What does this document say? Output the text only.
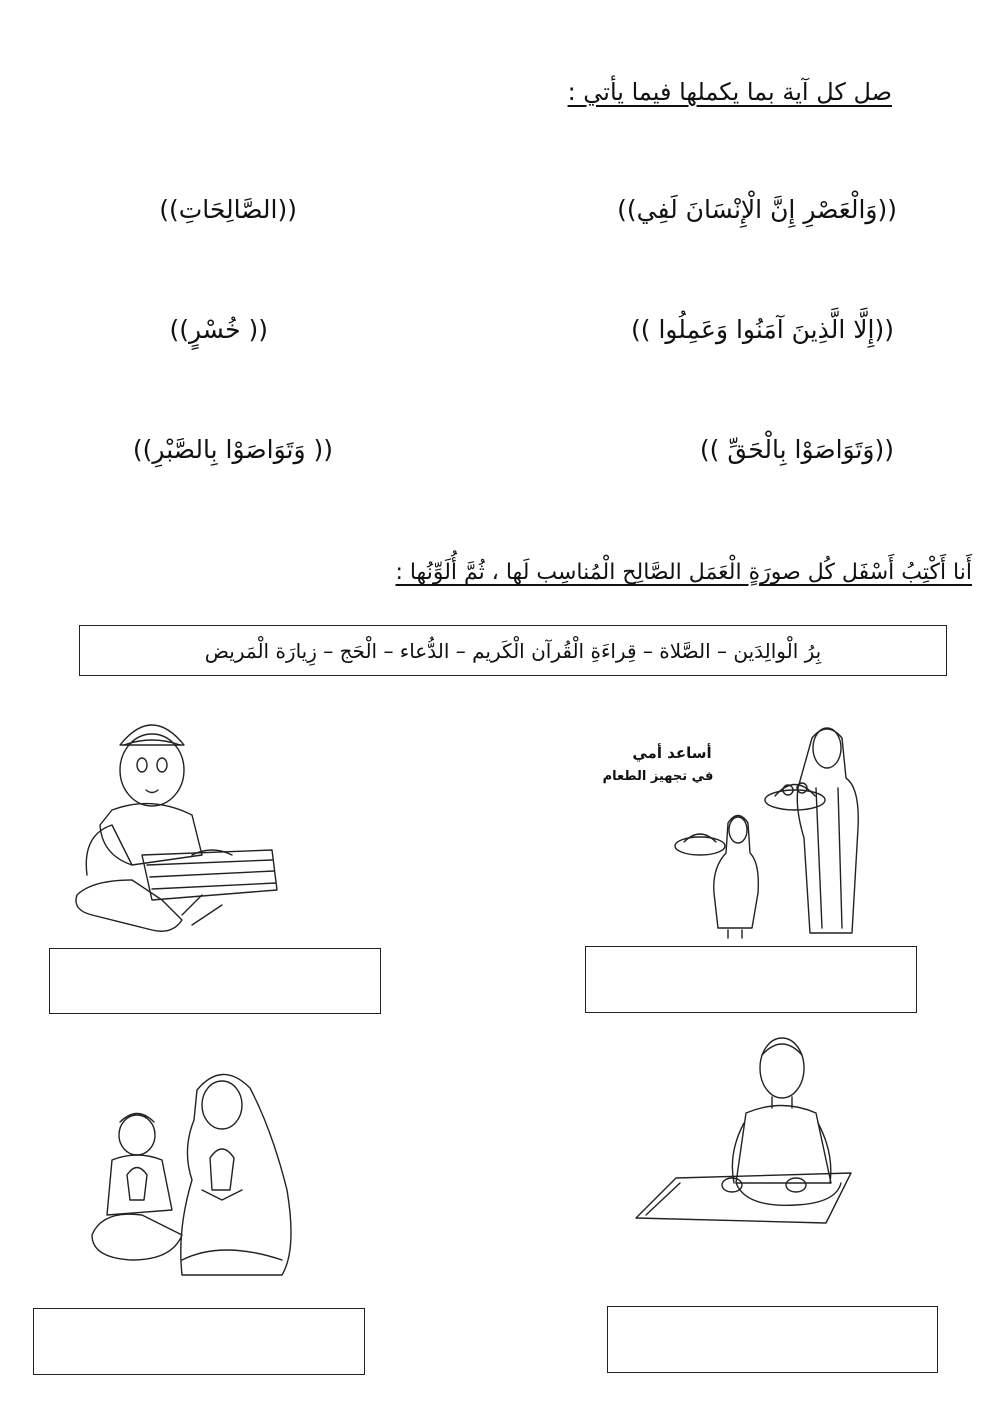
صل كل آية بما يكملها فيما يأتي :
((وَالْعَصْرِ إِنَّ الْإِنْسَانَ لَفِي))
((إِلَّا الَّذِينَ آمَنُوا وَعَمِلُوا ))
((وَتَوَاصَوْا بِالْحَقِّ ))
((الصَّالِحَاتِ))
(( خُسْرٍ))
(( وَتَوَاصَوْا بِالصَّبْرِ))
أَنا أَكْتِبُ أَسْفَل كُل صورَةٍ الْعَمَل الصَّالِح الْمُناسِب لَها ، ثُمَّ أُلَوِّنُها :
بِرُ الْوالِدَين – الصَّلاة – قِراءَةِ الْقُرآن الْكَريم – الدُّعاء – الْحَج – زِيارَة الْمَريض
أساعد أمي
في تجهيز الطعام
